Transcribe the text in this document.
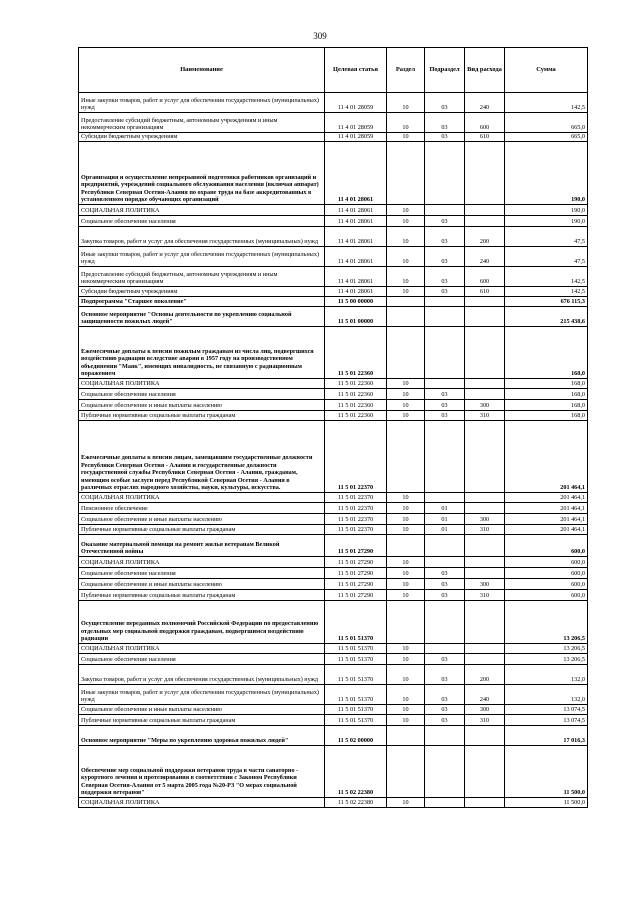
309
Наименование	Целевая статья	Раздел	Подраздел	Вид расхода	Сумма
Иные закупки товаров, работ и услуг для обеспечения государственных (муниципальных) нужд	11 4 01 28059	10	03	240	142,5
Предоставление субсидий бюджетным, автономным учреждениям и иным некоммерческим организациям	11 4 01 28059	10	03	600	665,0
Субсидии бюджетным учреждениям	11 4 01 28059	10	03	610	665,0
Организация и осуществление непрерывной подготовки работников организаций и предприятий, учреждений социального обслуживания населения (включая аппарат) Республики Северная Осетия-Алания по охране труда на базе аккредитованных в установленном порядке обучающих организаций	11 4 01 28061				190,0
СОЦИАЛЬНАЯ ПОЛИТИКА	11 4 01 28061	10			190,0
Социальное обеспечение населения	11 4 01 28061	10	03		190,0
Закупка товаров, работ и услуг для обеспечения государственных (муниципальных) нужд	11 4 01 28061	10	03	200	47,5
Иные закупки товаров, работ и услуг для обеспечения государственных (муниципальных) нужд	11 4 01 28061	10	03	240	47,5
Предоставление субсидий бюджетным, автономным учреждениям и иным некоммерческим организациям	11 4 01 28061	10	03	600	142,5
Субсидии бюджетным учреждениям	11 4 01 28061	10	03	610	142,5
Подпрограмма "Старшее поколение"	11 5 00 00000				676 115,3
Основное мероприятие "Основы деятельности по укреплению социальной защищенности пожилых людей"	11 5 01 00000				215 438,6
Ежемесячные доплаты к пенсии пожилым гражданам из числа лиц, подвергшихся воздействию радиации вследствие аварии в 1957 году на производственном объединении "Маяк", имеющих инвалидность, не связанную с радиационным поражением	11 5 01 22360				168,0
СОЦИАЛЬНАЯ ПОЛИТИКА	11 5 01 22360	10			168,0
Социальное обеспечение населения	11 5 01 22360	10	03		168,0
Социальное обеспечение и иные выплаты населению	11 5 01 22360	10	03	300	168,0
Публичные нормативные социальные выплаты гражданам	11 5 01 22360	10	03	310	168,0
Ежемесячные доплаты к пенсии лицам, замещавшим государственные должности Республики Северная Осетия - Алания и государственные должности государственной службы Республики Северная Осетия - Алания, гражданам, имеющим особые заслуги перед Республикой Северная Осетия - Алания в различных отраслях народного хозяйства, науки, культуры, искусства.	11 5 01 22370				201 464,1
СОЦИАЛЬНАЯ ПОЛИТИКА	11 5 01 22370	10			201 464,1
Пенсионное обеспечение	11 5 01 22370	10	01		201 464,1
Социальное обеспечение и иные выплаты населению	11 5 01 22370	10	01	300	201 464,1
Публичные нормативные социальные выплаты гражданам	11 5 01 22370	10	01	310	201 464,1
Оказание материальной помощи на ремонт жилья ветеранам Великой Отечественной войны	11 5 01 27290				600,0
СОЦИАЛЬНАЯ ПОЛИТИКА	11 5 01 27290	10			600,0
Социальное обеспечение населения	11 5 01 27290	10	03		600,0
Социальное обеспечение и иные выплаты населению	11 5 01 27290	10	03	300	600,0
Публичные нормативные социальные выплаты гражданам	11 5 01 27290	10	03	310	600,0
Осуществление переданных полномочий Российской Федерации по предоставлению отдельных мер социальной поддержки гражданам, подвергшимся воздействию радиации	11 5 01 51370				13 206,5
СОЦИАЛЬНАЯ ПОЛИТИКА	11 5 01 51370	10			13 206,5
Социальное обеспечение населения	11 5 01 51370	10	03		13 206,5
Закупка товаров, работ и услуг для обеспечения государственных (муниципальных) нужд	11 5 01 51370	10	03	200	132,0
Иные закупки товаров, работ и услуг для обеспечения государственных (муниципальных) нужд	11 5 01 51370	10	03	240	132,0
Социальное обеспечение и иные выплаты населению	11 5 01 51370	10	03	300	13 074,5
Публичные нормативные социальные выплаты гражданам	11 5 01 51370	10	03	310	13 074,5
Основное мероприятие "Меры по укреплению здоровья пожилых людей"	11 5 02 00000				17 016,3
Обеспечение мер социальной поддержки ветеранов труда в части санаторно - курортного лечения и протезирования в соответствии с Законом Республики Северная Осетия-Алания от 5 марта 2005 года №20-РЗ "О мерах социальной поддержки ветеранов"	11 5 02 22380				11 500,0
СОЦИАЛЬНАЯ ПОЛИТИКА	11 5 02 22380	10			11 500,0
